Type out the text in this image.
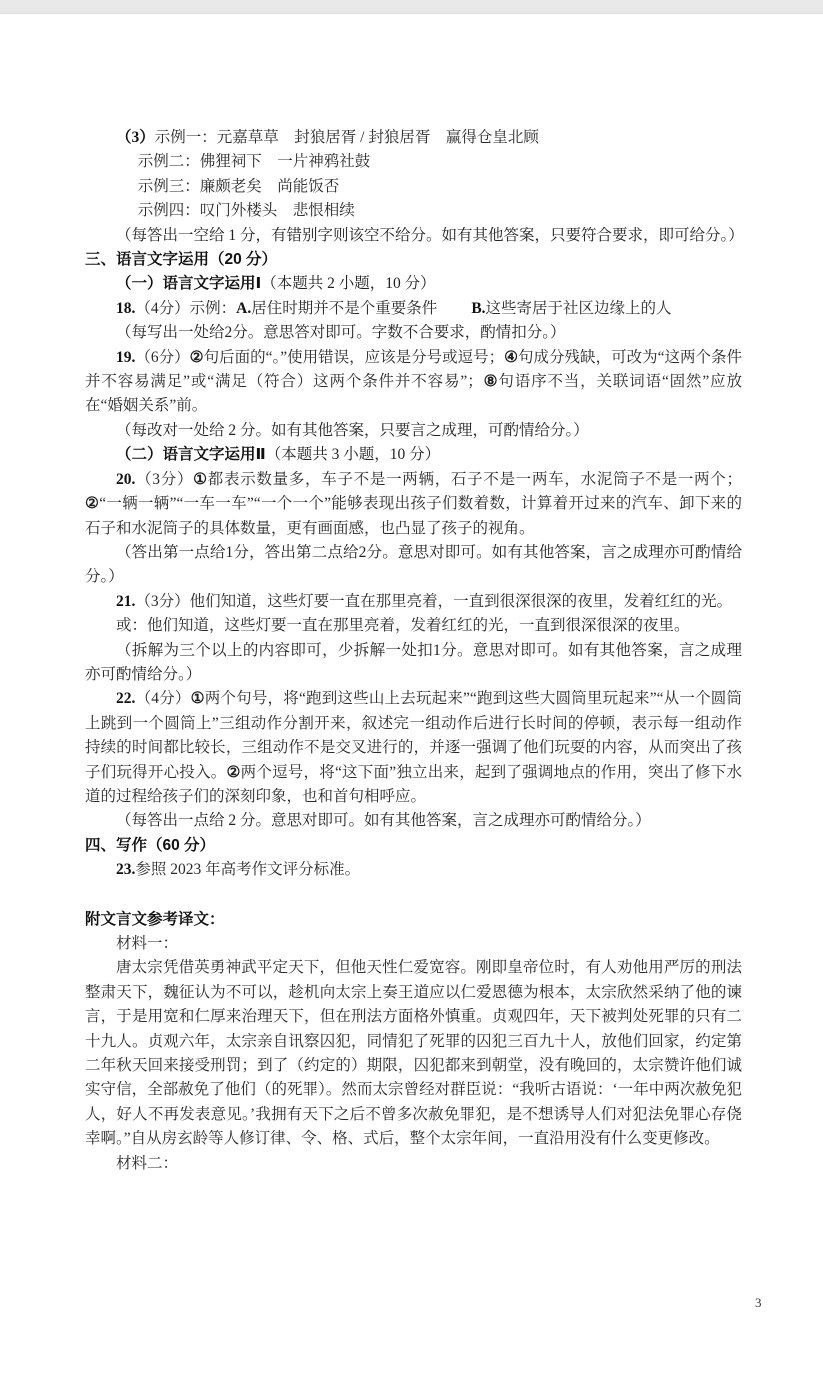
（3）示例一：元嘉草草　封狼居胥 / 封狼居胥　赢得仓皇北顾

示例二：佛狸祠下　一片神鸦社鼓

示例三：廉颇老矣　尚能饭否

示例四：叹门外楼头　悲恨相续

（每答出一空给 1 分，有错别字则该空不给分。如有其他答案，只要符合要求，即可给分。）

三、语言文字运用（20 分）

（一）语言文字运用Ⅰ（本题共 2 小题，10 分）

18.（4分）示例：A.居住时期并不是个重要条件 B.这些寄居于社区边缘上的人

（每写出一处给2分。意思答对即可。字数不合要求，酌情扣分。）

19.（6分）②句后面的“。”使用错误，应该是分号或逗号；④句成分残缺，可改为“这两个条件并不容易满足”或“满足（符合）这两个条件并不容易”；⑧句语序不当，关联词语“固然”应放在“婚姻关系”前。

（每改对一处给 2 分。如有其他答案，只要言之成理，可酌情给分。）

（二）语言文字运用Ⅱ（本题共 3 小题，10 分）

20.（3分）①都表示数量多，车子不是一两辆，石子不是一两车，水泥筒子不是一两个；②“一辆一辆”“一车一车”“一个一个”能够表现出孩子们数着数，计算着开过来的汽车、卸下来的石子和水泥筒子的具体数量，更有画面感，也凸显了孩子的视角。

（答出第一点给1分，答出第二点给2分。意思对即可。如有其他答案，言之成理亦可酌情给分。）

21.（3分）他们知道，这些灯要一直在那里亮着，一直到很深很深的夜里，发着红红的光。

或：他们知道，这些灯要一直在那里亮着，发着红红的光，一直到很深很深的夜里。

（拆解为三个以上的内容即可，少拆解一处扣1分。意思对即可。如有其他答案，言之成理亦可酌情给分。）

22.（4分）①两个句号，将“跑到这些山上去玩起来”“跑到这些大圆筒里玩起来”“从一个圆筒上跳到一个圆筒上”三组动作分割开来，叙述完一组动作后进行长时间的停顿，表示每一组动作持续的时间都比较长，三组动作不是交叉进行的，并逐一强调了他们玩耍的内容，从而突出了孩子们玩得开心投入。②两个逗号，将“这下面”独立出来，起到了强调地点的作用，突出了修下水道的过程给孩子们的深刻印象，也和首句相呼应。

（每答出一点给 2 分。意思对即可。如有其他答案，言之成理亦可酌情给分。）

四、写作（60 分）

23.参照 2023 年高考作文评分标准。

附文言文参考译文：

材料一：

唐太宗凭借英勇神武平定天下，但他天性仁爱宽容。刚即皇帝位时，有人劝他用严厉的刑法整肃天下，魏征认为不可以，趁机向太宗上奏王道应以仁爱恩德为根本，太宗欣然采纳了他的谏言，于是用宽和仁厚来治理天下，但在刑法方面格外慎重。贞观四年，天下被判处死罪的只有二十九人。贞观六年，太宗亲自讯察囚犯，同情犯了死罪的囚犯三百九十人，放他们回家，约定第二年秋天回来接受刑罚；到了（约定的）期限，囚犯都来到朝堂，没有晚回的，太宗赞许他们诚实守信，全部赦免了他们（的死罪）。然而太宗曾经对群臣说：“我听古语说：‘一年中两次赦免犯人，好人不再发表意见。’我拥有天下之后不曾多次赦免罪犯，是不想诱导人们对犯法免罪心存侥幸啊。”自从房玄龄等人修订律、令、格、式后，整个太宗年间，一直沿用没有什么变更修改。

材料二：

3
